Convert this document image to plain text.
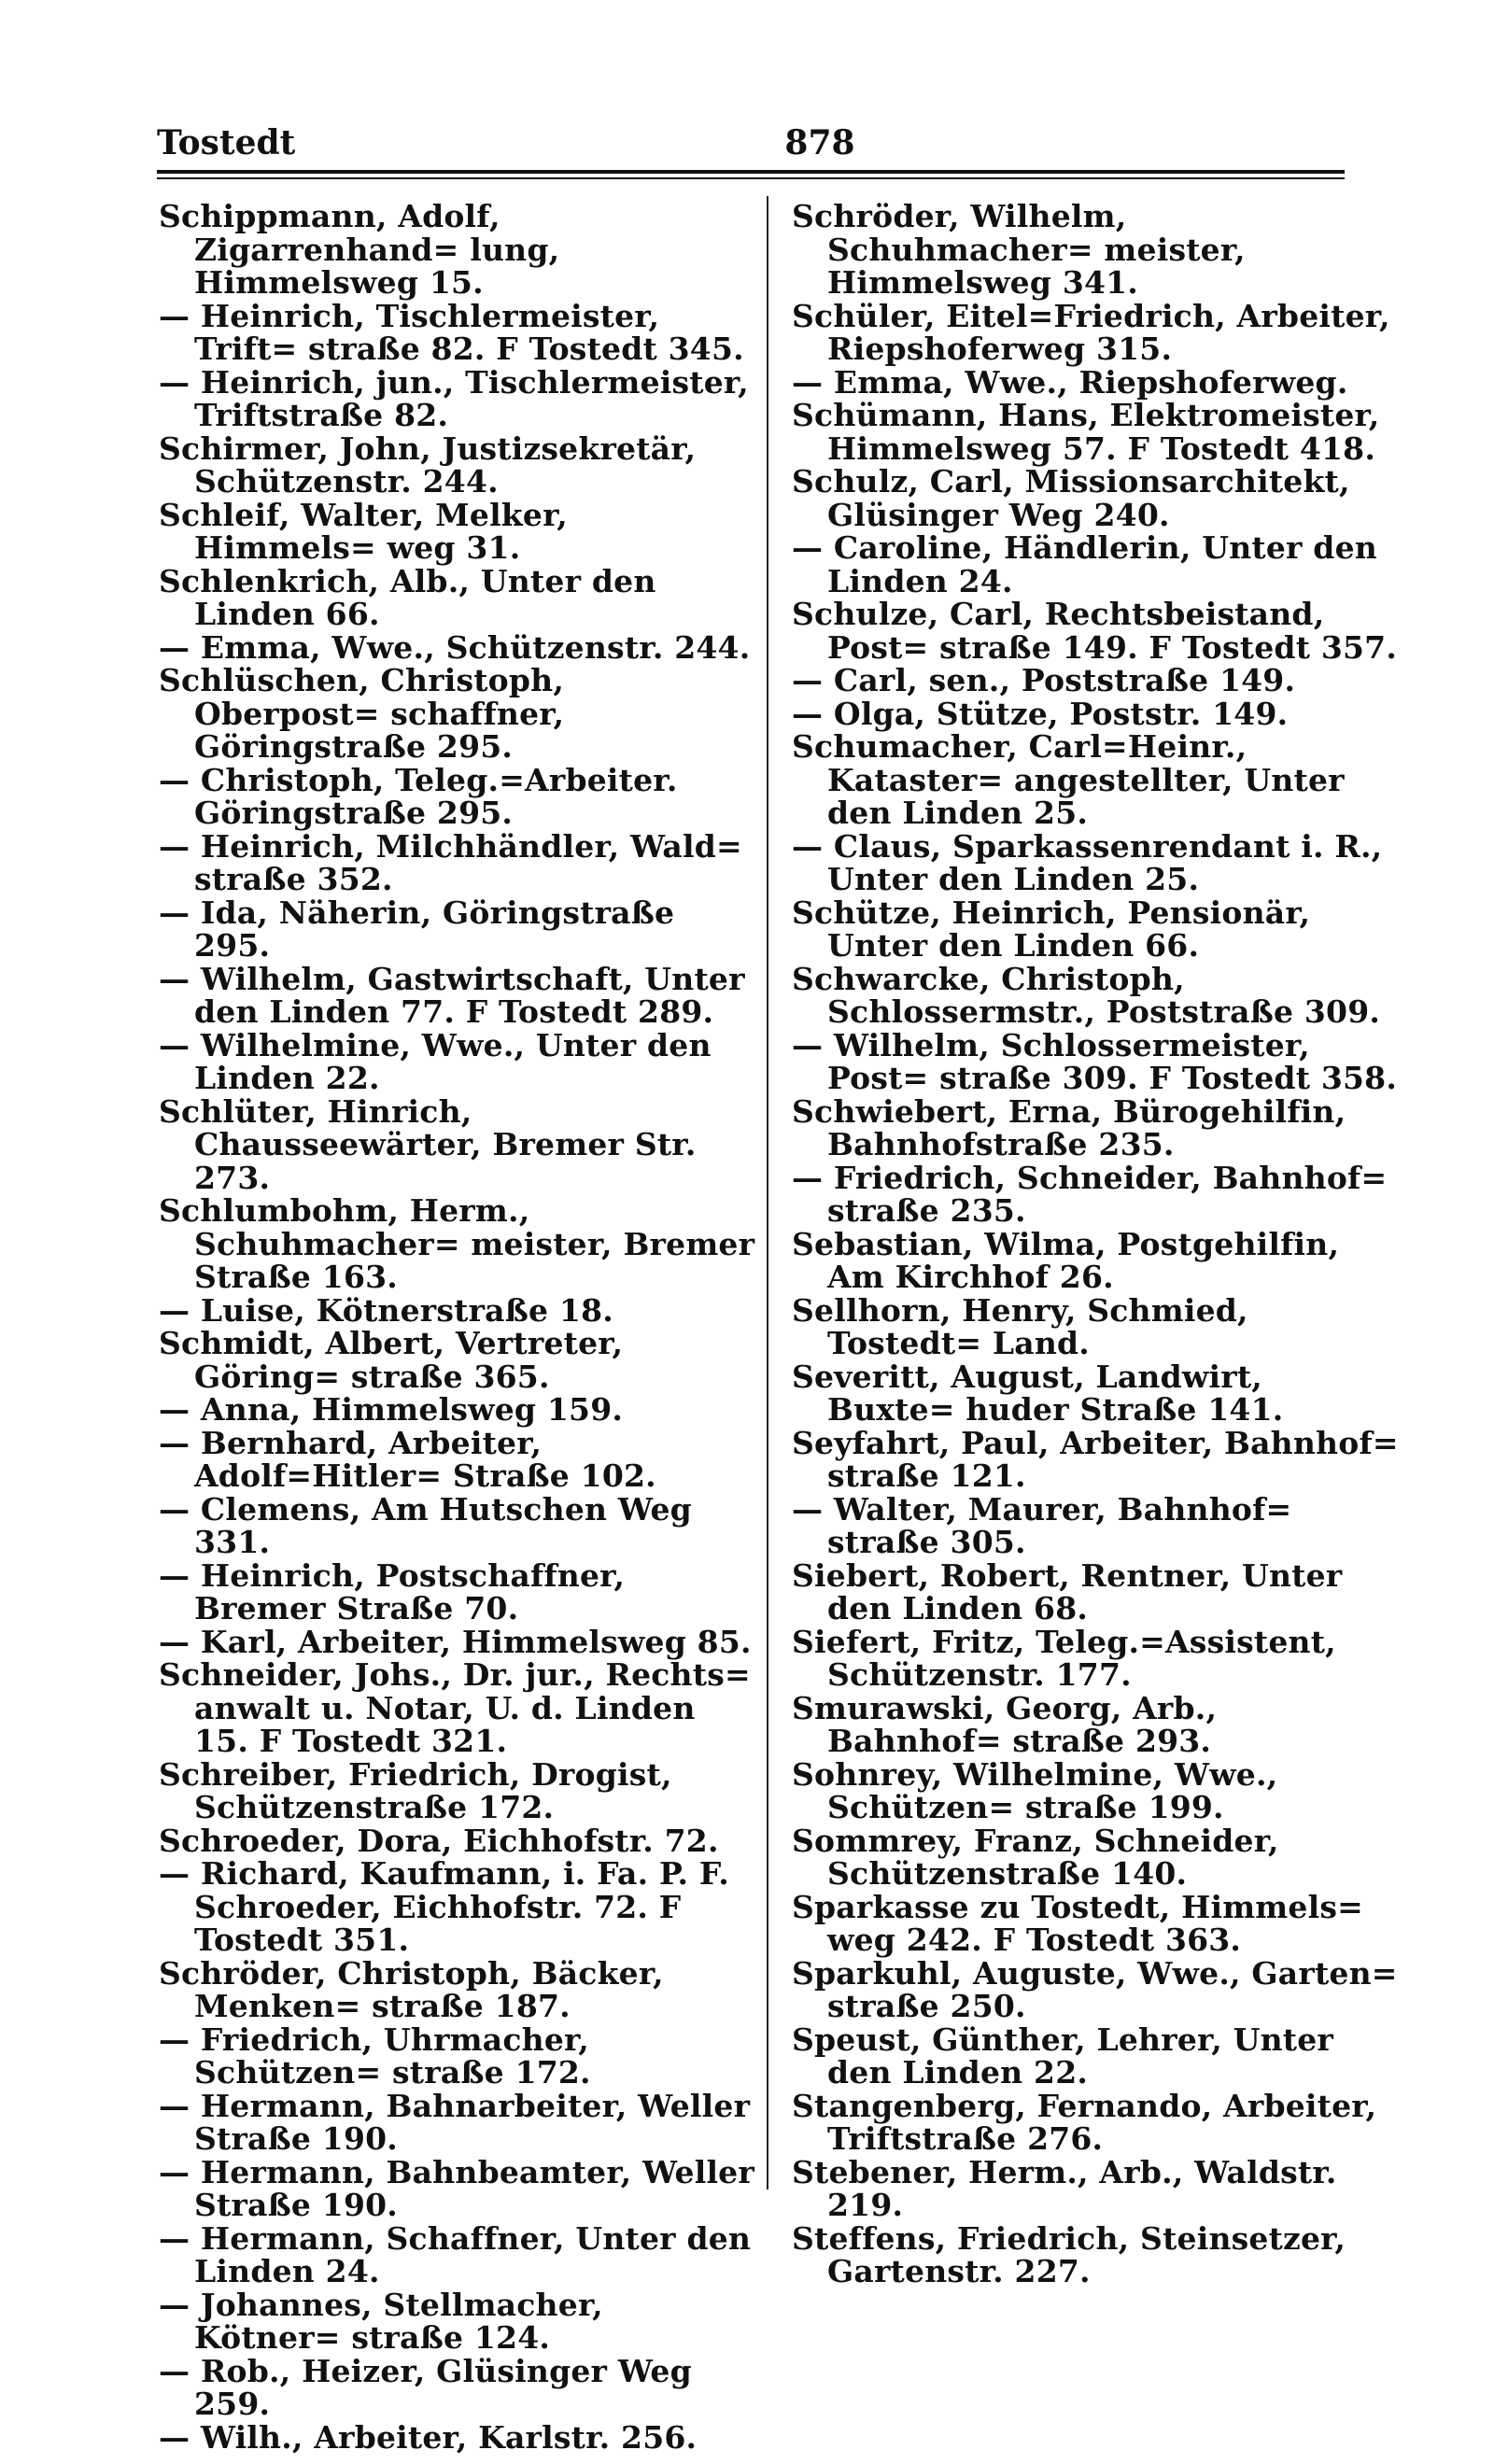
Tostedt	878
Schippmann, Adolf, Zigarrenhand= lung, Himmelsweg 15.
— Heinrich, Tischlermeister, Trift= straße 82. F Tostedt 345.
— Heinrich, jun., Tischlermeister, Triftstraße 82.
Schirmer, John, Justizsekretär, Schützenstr. 244.
Schleif, Walter, Melker, Himmels= weg 31.
Schlenkrich, Alb., Unter den Linden 66.
— Emma, Wwe., Schützenstr. 244.
Schlüschen, Christoph, Oberpost= schaffner, Göringstraße 295.
— Christoph, Teleg.=Arbeiter. Göringstraße 295.
— Heinrich, Milchhändler, Wald= straße 352.
— Ida, Näherin, Göringstraße 295.
— Wilhelm, Gastwirtschaft, Unter den Linden 77. F Tostedt 289.
— Wilhelmine, Wwe., Unter den Linden 22.
Schlüter, Hinrich, Chausseewärter, Bremer Str. 273.
Schlumbohm, Herm., Schuhmacher= meister, Bremer Straße 163.
— Luise, Kötnerstraße 18.
Schmidt, Albert, Vertreter, Göring= straße 365.
— Anna, Himmelsweg 159.
— Bernhard, Arbeiter, Adolf=Hitler= Straße 102.
— Clemens, Am Hutschen Weg 331.
— Heinrich, Postschaffner, Bremer Straße 70.
— Karl, Arbeiter, Himmelsweg 85.
Schneider, Johs., Dr. jur., Rechts= anwalt u. Notar, U. d. Linden 15. F Tostedt 321.
Schreiber, Friedrich, Drogist, Schützenstraße 172.
Schroeder, Dora, Eichhofstr. 72.
— Richard, Kaufmann, i. Fa. P. F. Schroeder, Eichhofstr. 72. F Tostedt 351.
Schröder, Christoph, Bäcker, Menken= straße 187.
— Friedrich, Uhrmacher, Schützen= straße 172.
— Hermann, Bahnarbeiter, Weller Straße 190.
— Hermann, Bahnbeamter, Weller Straße 190.
— Hermann, Schaffner, Unter den Linden 24.
— Johannes, Stellmacher, Kötner= straße 124.
— Rob., Heizer, Glüsinger Weg 259.
— Wilh., Arbeiter, Karlstr. 256.
Schröder, Wilhelm, Schuhmacher= meister, Himmelsweg 341.
Schüler, Eitel=Friedrich, Arbeiter, Riepshoferweg 315.
— Emma, Wwe., Riepshoferweg.
Schümann, Hans, Elektromeister, Himmelsweg 57. F Tostedt 418.
Schulz, Carl, Missionsarchitekt, Glüsinger Weg 240.
— Caroline, Händlerin, Unter den Linden 24.
Schulze, Carl, Rechtsbeistand, Post= straße 149. F Tostedt 357.
— Carl, sen., Poststraße 149.
— Olga, Stütze, Poststr. 149.
Schumacher, Carl=Heinr., Kataster= angestellter, Unter den Linden 25.
— Claus, Sparkassenrendant i. R., Unter den Linden 25.
Schütze, Heinrich, Pensionär, Unter den Linden 66.
Schwarcke, Christoph, Schlossermstr., Poststraße 309.
— Wilhelm, Schlossermeister, Post= straße 309. F Tostedt 358.
Schwiebert, Erna, Bürogehilfin, Bahnhofstraße 235.
— Friedrich, Schneider, Bahnhof= straße 235.
Sebastian, Wilma, Postgehilfin, Am Kirchhof 26.
Sellhorn, Henry, Schmied, Tostedt= Land.
Severitt, August, Landwirt, Buxte= huder Straße 141.
Seyfahrt, Paul, Arbeiter, Bahnhof= straße 121.
— Walter, Maurer, Bahnhof= straße 305.
Siebert, Robert, Rentner, Unter den Linden 68.
Siefert, Fritz, Teleg.=Assistent, Schützenstr. 177.
Smurawski, Georg, Arb., Bahnhof= straße 293.
Sohnrey, Wilhelmine, Wwe., Schützen= straße 199.
Sommrey, Franz, Schneider, Schützenstraße 140.
Sparkasse zu Tostedt, Himmels= weg 242. F Tostedt 363.
Sparkuhl, Auguste, Wwe., Garten= straße 250.
Speust, Günther, Lehrer, Unter den Linden 22.
Stangenberg, Fernando, Arbeiter, Triftstraße 276.
Stebener, Herm., Arb., Waldstr. 219.
Steffens, Friedrich, Steinsetzer, Gartenstr. 227.
